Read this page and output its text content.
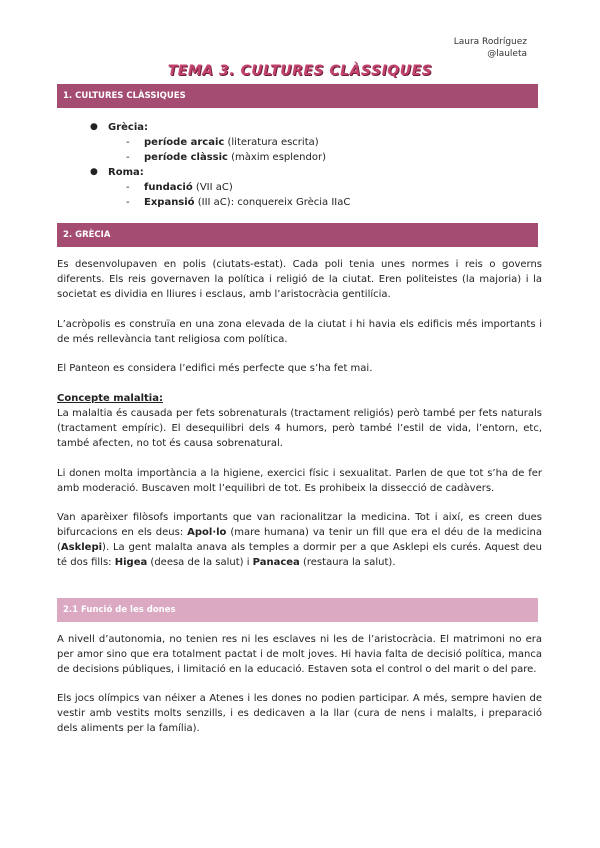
Laura Rodríguez
@lauleta
TEMA 3. CULTURES CLÀSSIQUES
1. CULTURES CLÀSSIQUES
●	Grècia:
-	període arcaic (literatura escrita)
-	període clàssic (màxim esplendor)
●	Roma:
-	fundació (VII aC)
-	Expansió (III aC): conquereix Grècia IIaC
2. GRÈCIA
Es desenvolupaven en polis (ciutats-estat). Cada poli tenia unes normes i reis o governs diferents. Els reis governaven la política i religió de la ciutat. Eren politeistes (la majoria) i la societat es dividia en lliures i esclaus, amb l’aristocràcia gentilícia.
L’acròpolis es construïa en una zona elevada de la ciutat i hi havia els edificis més importants i de més rellevància tant religiosa com política.
El Panteon es considera l’edifici més perfecte que s’ha fet mai.
Concepte malaltia:
La malaltia és causada per fets sobrenaturals (tractament religiós) però també per fets naturals (tractament empíric). El desequilibri dels 4 humors, però també l’estil de vida, l’entorn, etc, també afecten, no tot és causa sobrenatural.
Li donen molta importància a la higiene, exercici físic i sexualitat. Parlen de que tot s’ha de fer amb moderació. Buscaven molt l’equilibri de tot. Es prohibeix la dissecció de cadàvers.
Van aparèixer filòsofs importants que van racionalitzar la medicina. Tot i així, es creen dues bifurcacions en els deus: Apol·lo (mare humana) va tenir un fill que era el déu de la medicina (Asklepi). La gent malalta anava als temples a dormir per a que Asklepi els curés. Aquest deu té dos fills: Higea (deesa de la salut) i Panacea (restaura la salut).
2.1 Funció de les dones
A nivell d’autonomia, no tenien res ni les esclaves ni les de l’aristocràcia. El matrimoni no era per amor sino que era totalment pactat i de molt joves. Hi havia falta de decisió política, manca de decisions públiques, i limitació en la educació. Estaven sota el control o del marit o del pare.
Els jocs olímpics van néixer a Atenes i les dones no podien participar. A més, sempre havien de vestir amb vestits molts senzills, i es dedicaven a la llar (cura de nens i malalts, i preparació dels aliments per la família).
